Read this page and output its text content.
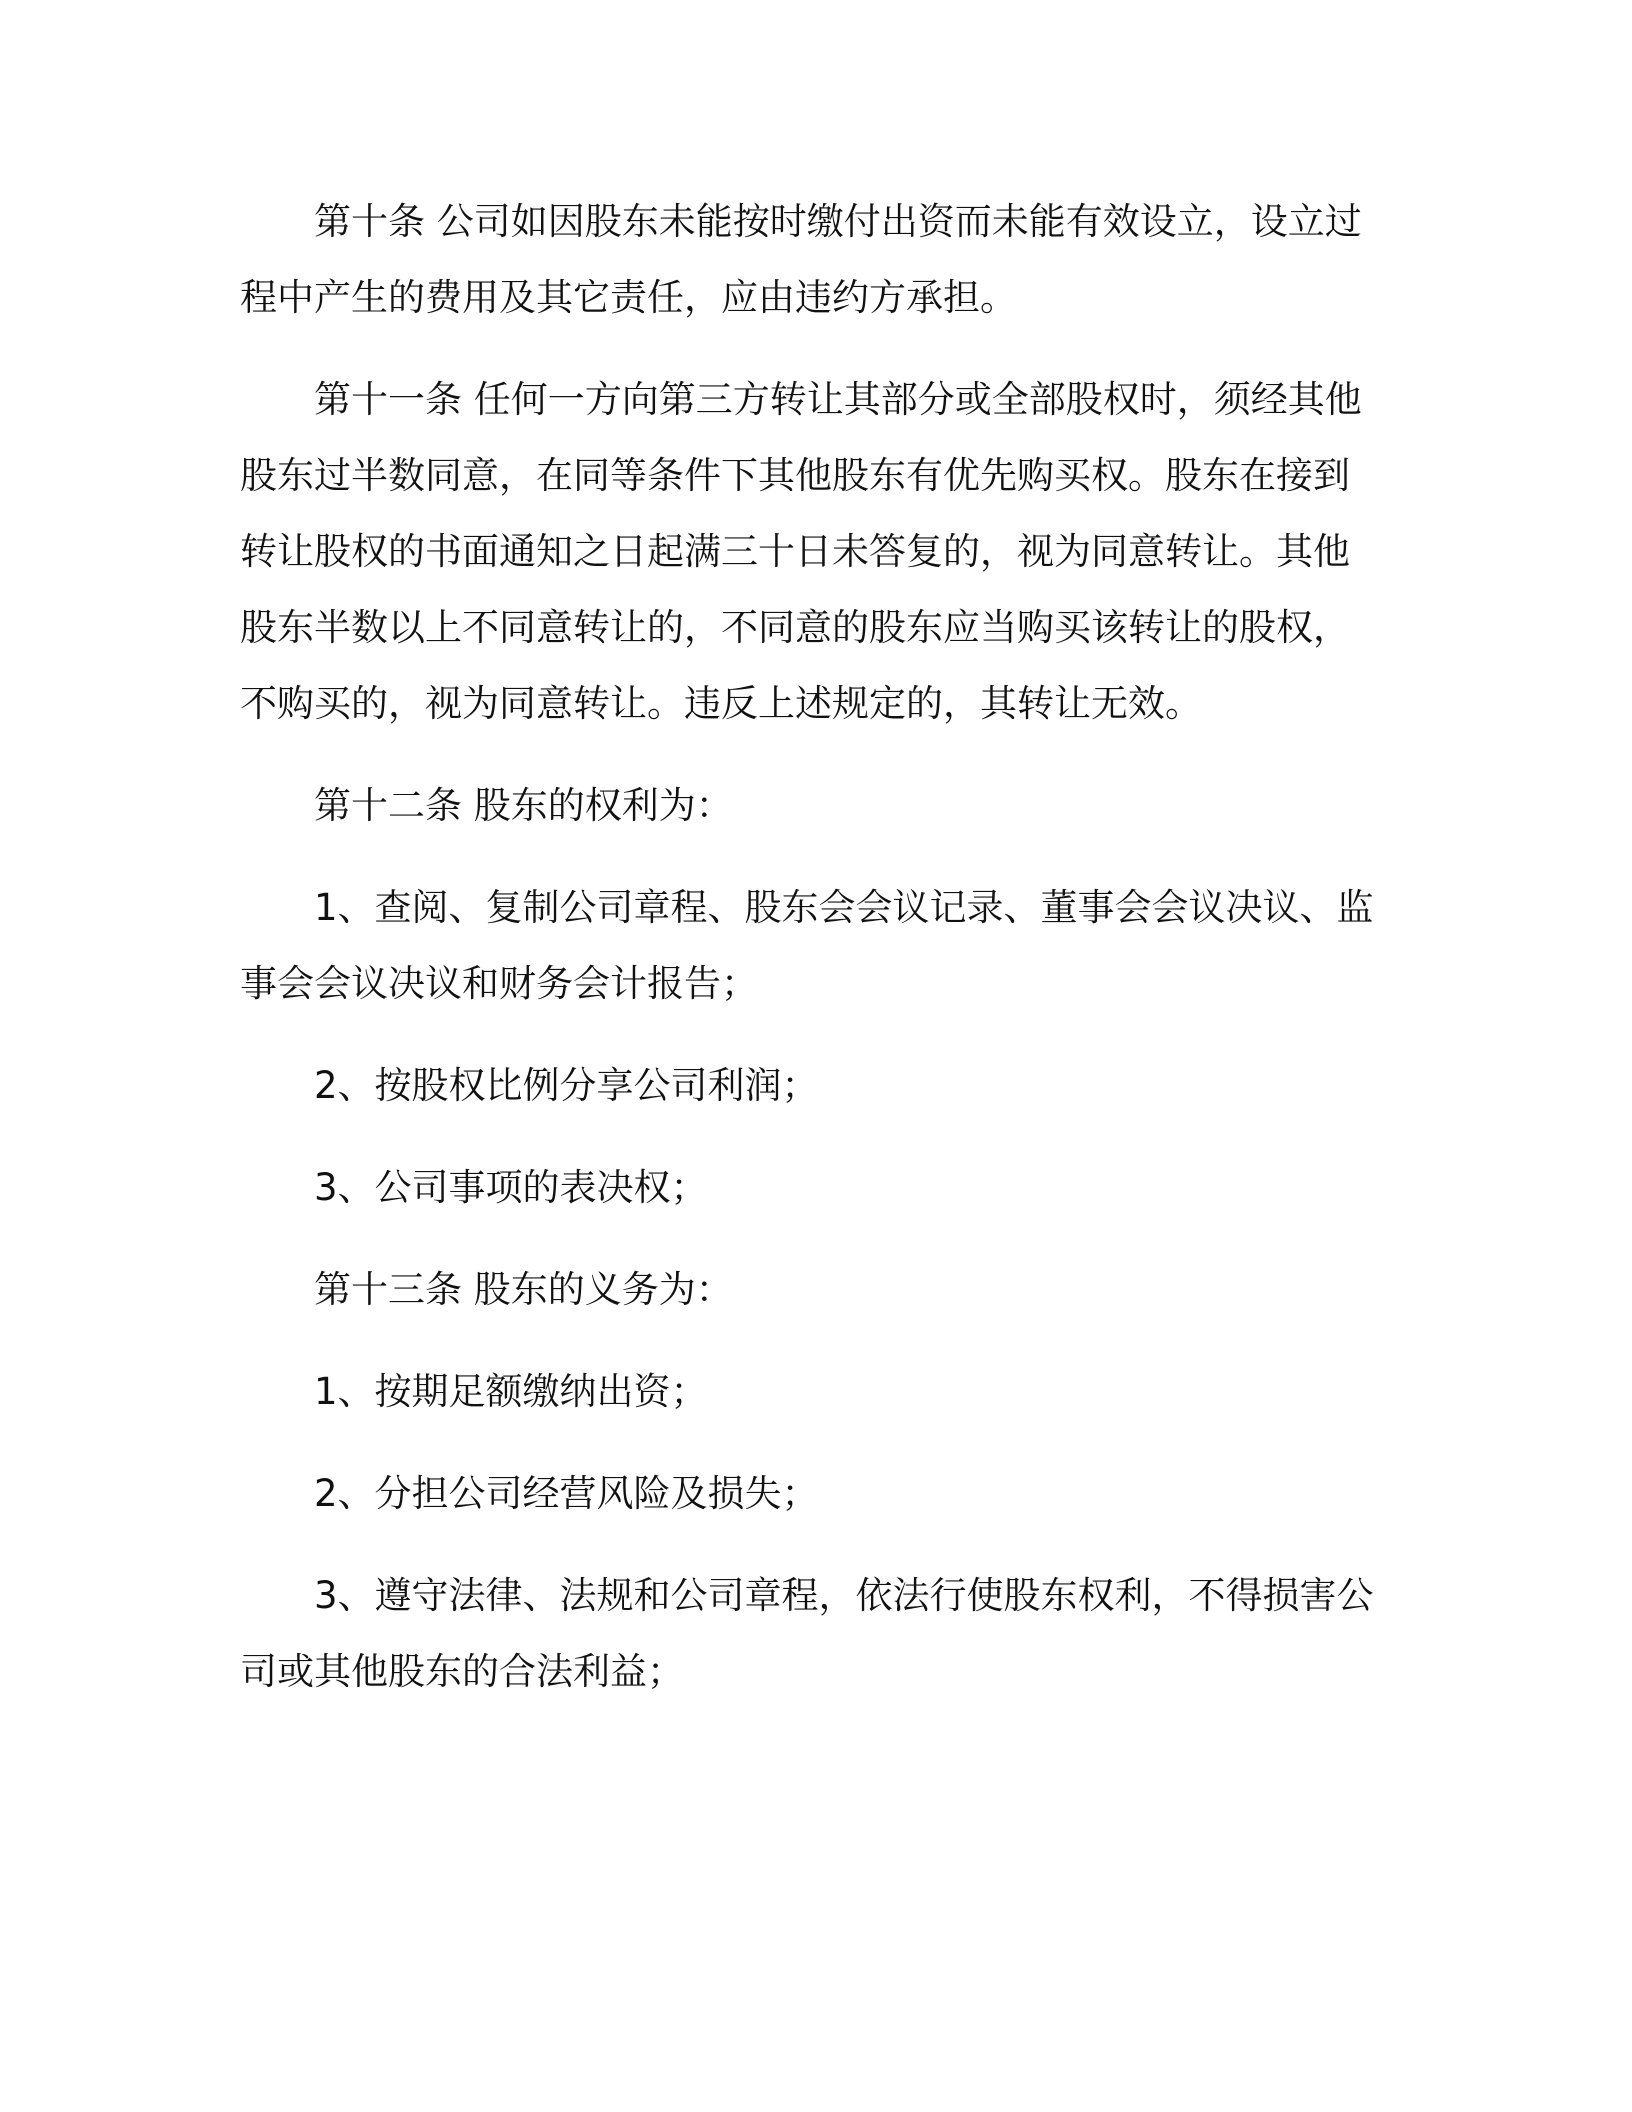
第十条 公司如因股东未能按时缴付出资而未能有效设立，设立过程中产生的费用及其它责任，应由违约方承担。

第十一条 任何一方向第三方转让其部分或全部股权时，须经其他股东过半数同意，在同等条件下其他股东有优先购买权。股东在接到转让股权的书面通知之日起满三十日未答复的，视为同意转让。其他股东半数以上不同意转让的，不同意的股东应当购买该转让的股权，不购买的，视为同意转让。违反上述规定的，其转让无效。

第十二条 股东的权利为：

1、查阅、复制公司章程、股东会会议记录、董事会会议决议、监事会会议决议和财务会计报告；

2、按股权比例分享公司利润；

3、公司事项的表决权；

第十三条 股东的义务为：

1、按期足额缴纳出资；

2、分担公司经营风险及损失；

3、遵守法律、法规和公司章程，依法行使股东权利，不得损害公司或其他股东的合法利益；
